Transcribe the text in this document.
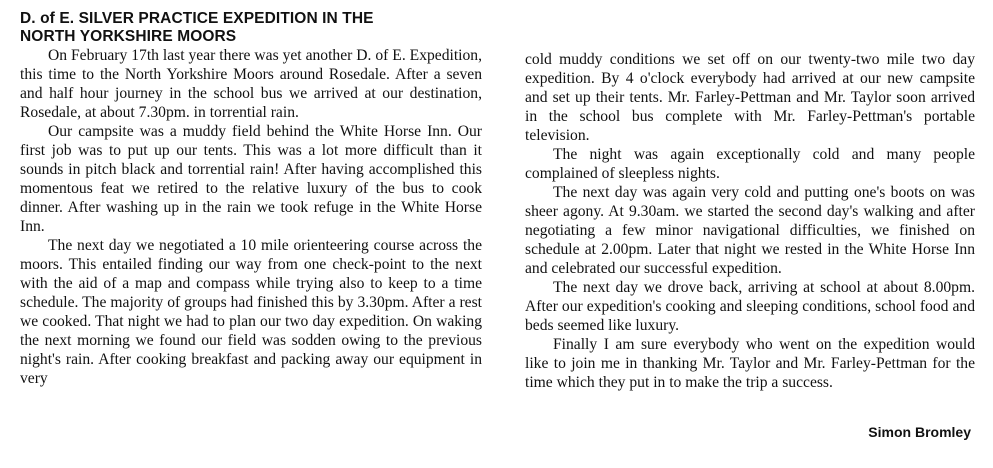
D. of E. SILVER PRACTICE EXPEDITION IN THE
NORTH YORKSHIRE MOORS

On February 17th last year there was yet another D. of E. Expedition, this time to the North Yorkshire Moors around Rosedale. After a seven and half hour journey in the school bus we arrived at our destination, Rosedale, at about 7.30pm. in torrential rain.

Our campsite was a muddy field behind the White Horse Inn. Our first job was to put up our tents. This was a lot more difficult than it sounds in pitch black and torrential rain! After having accomplished this momentous feat we retired to the relative luxury of the bus to cook dinner. After washing up in the rain we took refuge in the White Horse Inn.

The next day we negotiated a 10 mile orienteering course across the moors. This entailed finding our way from one check-point to the next with the aid of a map and compass while trying also to keep to a time schedule. The majority of groups had finished this by 3.30pm. After a rest we cooked. That night we had to plan our two day expedition. On waking the next morning we found our field was sodden owing to the previous night's rain. After cooking breakfast and packing away our equipment in very

cold muddy conditions we set off on our twenty-two mile two day expedition. By 4 o'clock everybody had arrived at our new campsite and set up their tents. Mr. Farley-Pettman and Mr. Taylor soon arrived in the school bus complete with Mr. Farley-Pettman's portable television.

The night was again exceptionally cold and many people complained of sleepless nights.

The next day was again very cold and putting one's boots on was sheer agony. At 9.30am. we started the second day's walking and after negotiating a few minor navigational difficulties, we finished on schedule at 2.00pm. Later that night we rested in the White Horse Inn and celebrated our successful expedition.

The next day we drove back, arriving at school at about 8.00pm. After our expedition's cooking and sleeping conditions, school food and beds seemed like luxury.

Finally I am sure everybody who went on the expedition would like to join me in thanking Mr. Taylor and Mr. Farley-Pettman for the time which they put in to make the trip a success.

Simon Bromley
